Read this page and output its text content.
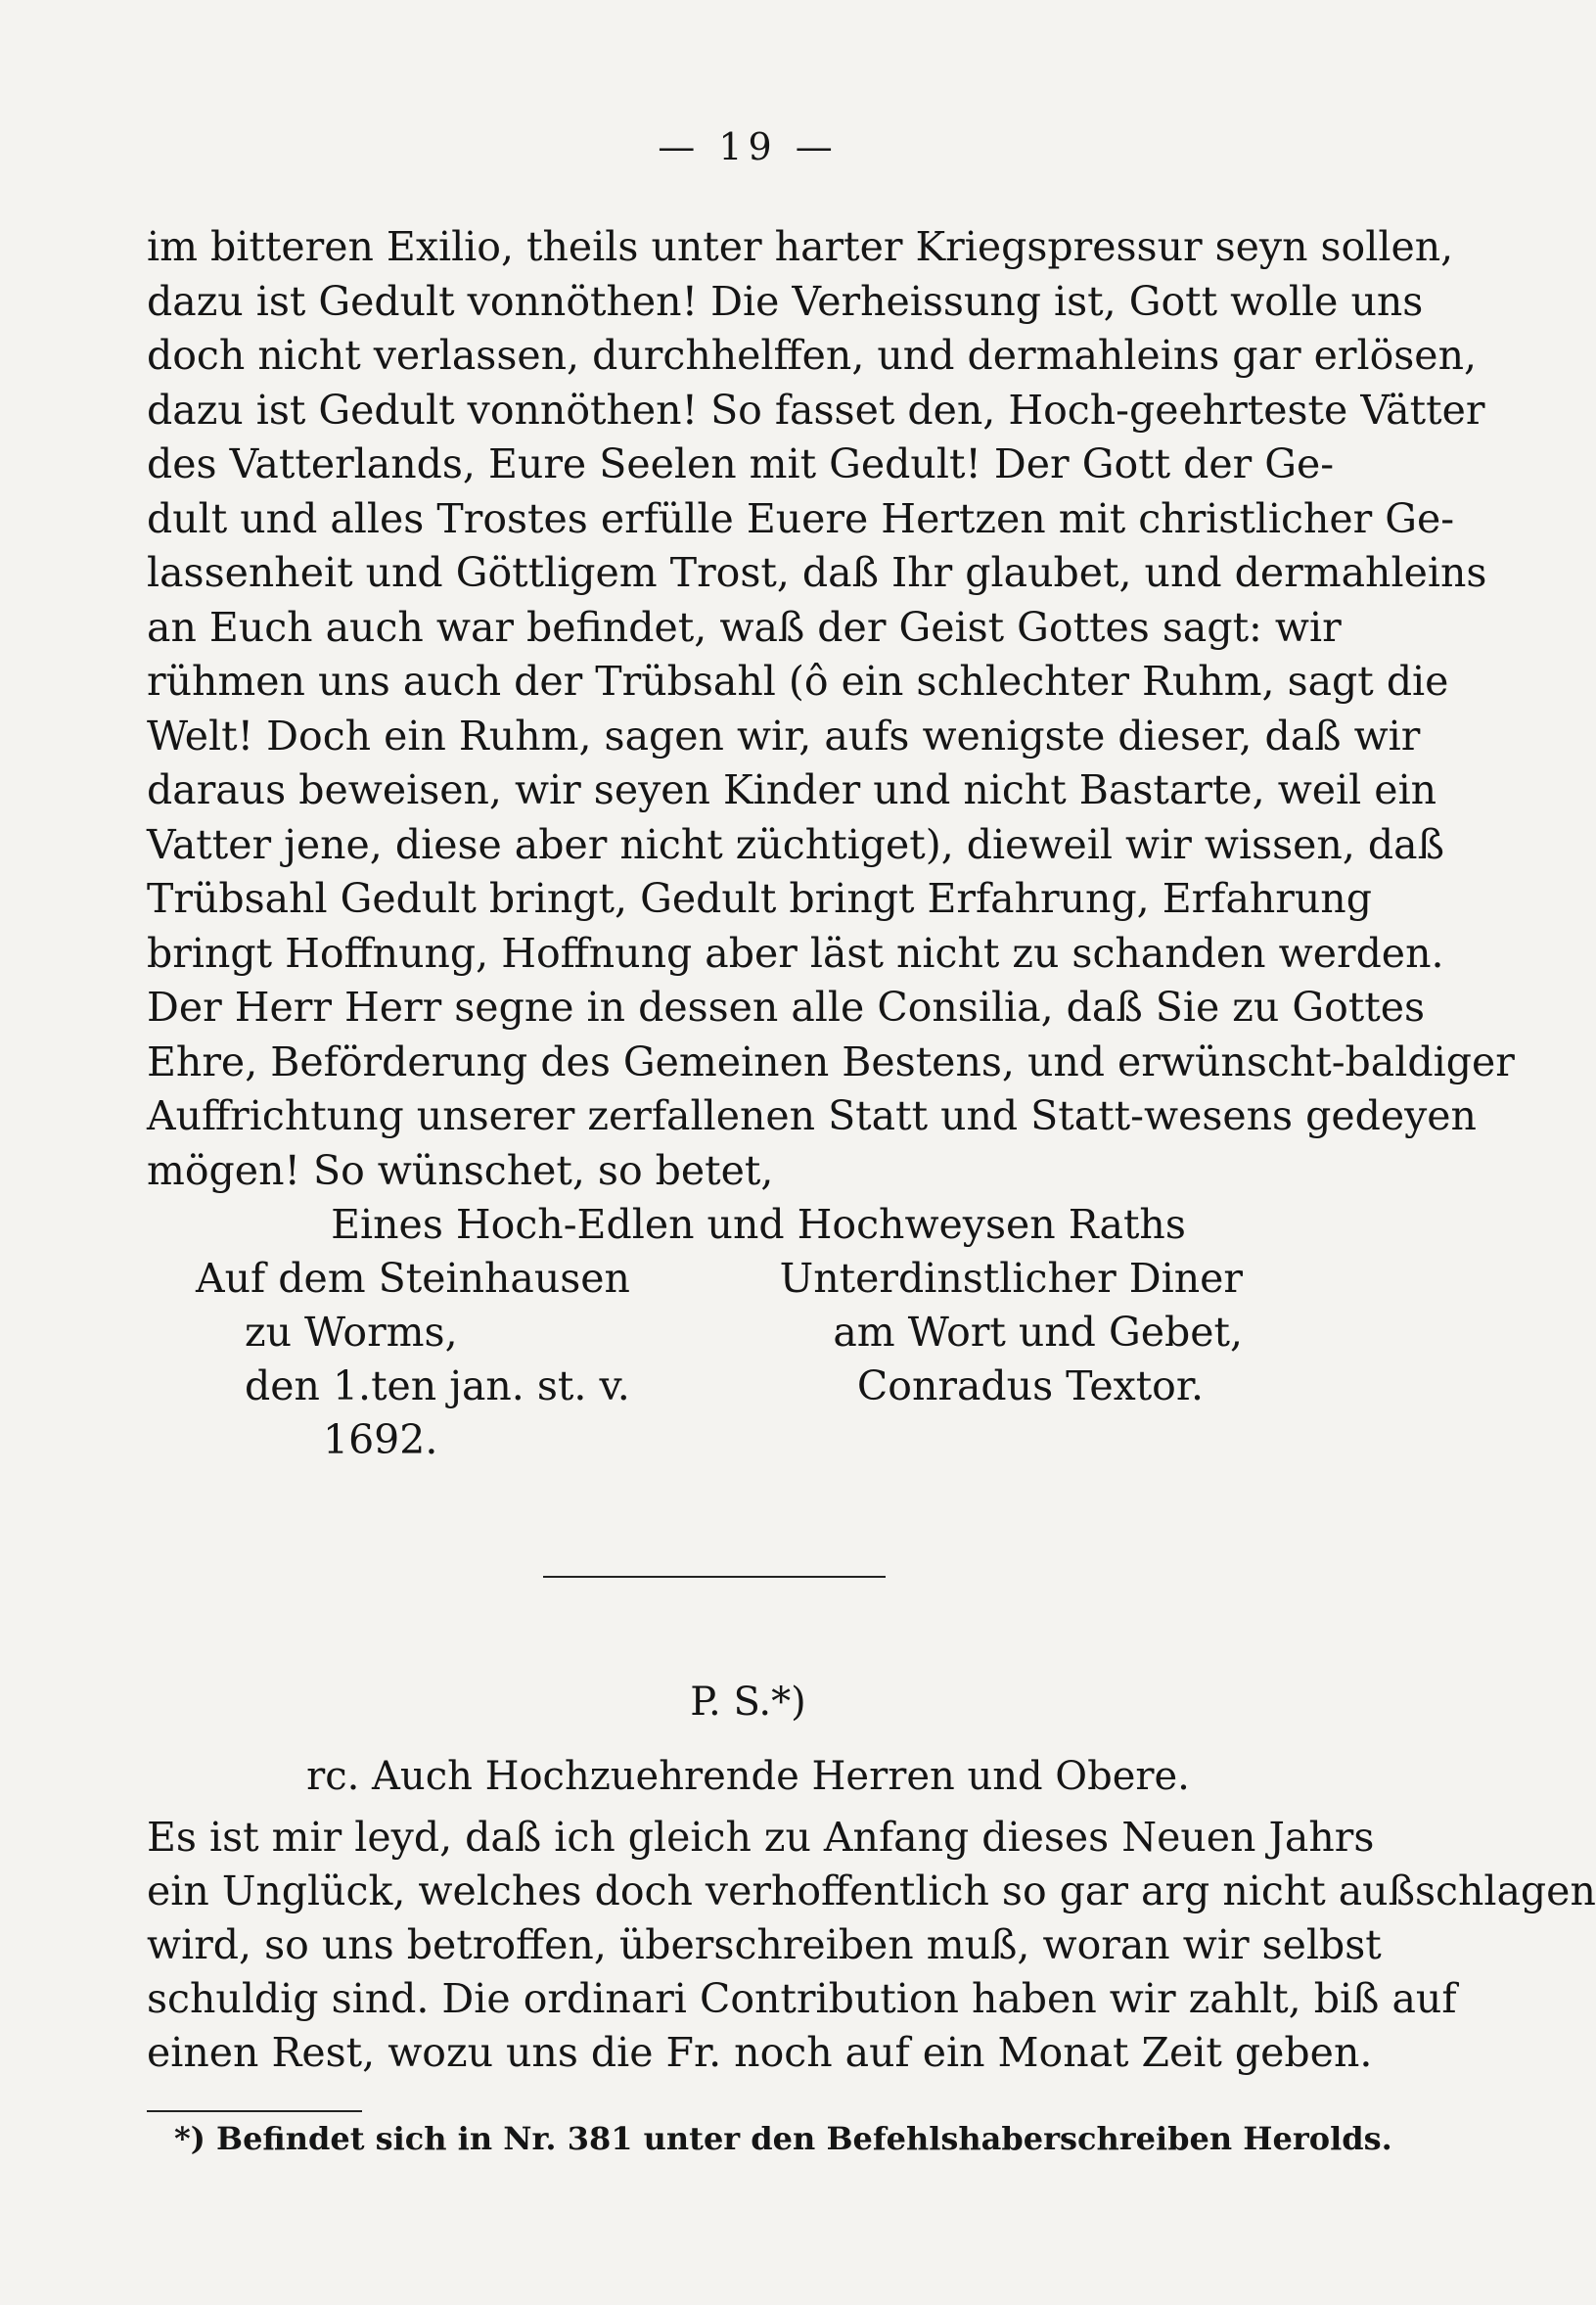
— 19 —
im bitteren Exilio, theils unter harter Kriegspressur seyn sollen,
dazu ist Gedult vonnöthen! Die Verheissung ist, Gott wolle uns
doch nicht verlassen, durchhelffen, und dermahleins gar erlösen,
dazu ist Gedult vonnöthen! So fasset den, Hoch-geehrteste Vätter
des Vatterlands, Eure Seelen mit Gedult! Der Gott der Ge-
dult und alles Trostes erfülle Euere Hertzen mit christlicher Ge-
lassenheit und Göttligem Trost, daß Ihr glaubet, und dermahleins
an Euch auch war befindet, waß der Geist Gottes sagt: wir
rühmen uns auch der Trübsahl (ô ein schlechter Ruhm, sagt die
Welt! Doch ein Ruhm, sagen wir, aufs wenigste dieser, daß wir
daraus beweisen, wir seyen Kinder und nicht Bastarte, weil ein
Vatter jene, diese aber nicht züchtiget), dieweil wir wissen, daß
Trübsahl Gedult bringt, Gedult bringt Erfahrung, Erfahrung
bringt Hoffnung, Hoffnung aber läst nicht zu schanden werden.
Der Herr Herr segne in dessen alle Consilia, daß Sie zu Gottes
Ehre, Beförderung des Gemeinen Bestens, und erwünscht-baldiger
Auffrichtung unserer zerfallenen Statt und Statt-wesens gedeyen
mögen! So wünschet, so betet,
Eines Hoch-Edlen und Hochweysen Raths
Auf dem Steinhausen	Unterdinstlicher Diner
zu Worms,	am Wort und Gebet,
den 1.ten jan. st. v.	Conradus Textor.
1692.
P. S.*)
rc. Auch Hochzuehrende Herren und Obere.
Es ist mir leyd, daß ich gleich zu Anfang dieses Neuen Jahrs
ein Unglück, welches doch verhoffentlich so gar arg nicht außschlagen
wird, so uns betroffen, überschreiben muß, woran wir selbst
schuldig sind. Die ordinari Contribution haben wir zahlt, biß auf
einen Rest, wozu uns die Fr. noch auf ein Monat Zeit geben.
*) Befindet sich in Nr. 381 unter den Befehlshaberschreiben Herolds.
